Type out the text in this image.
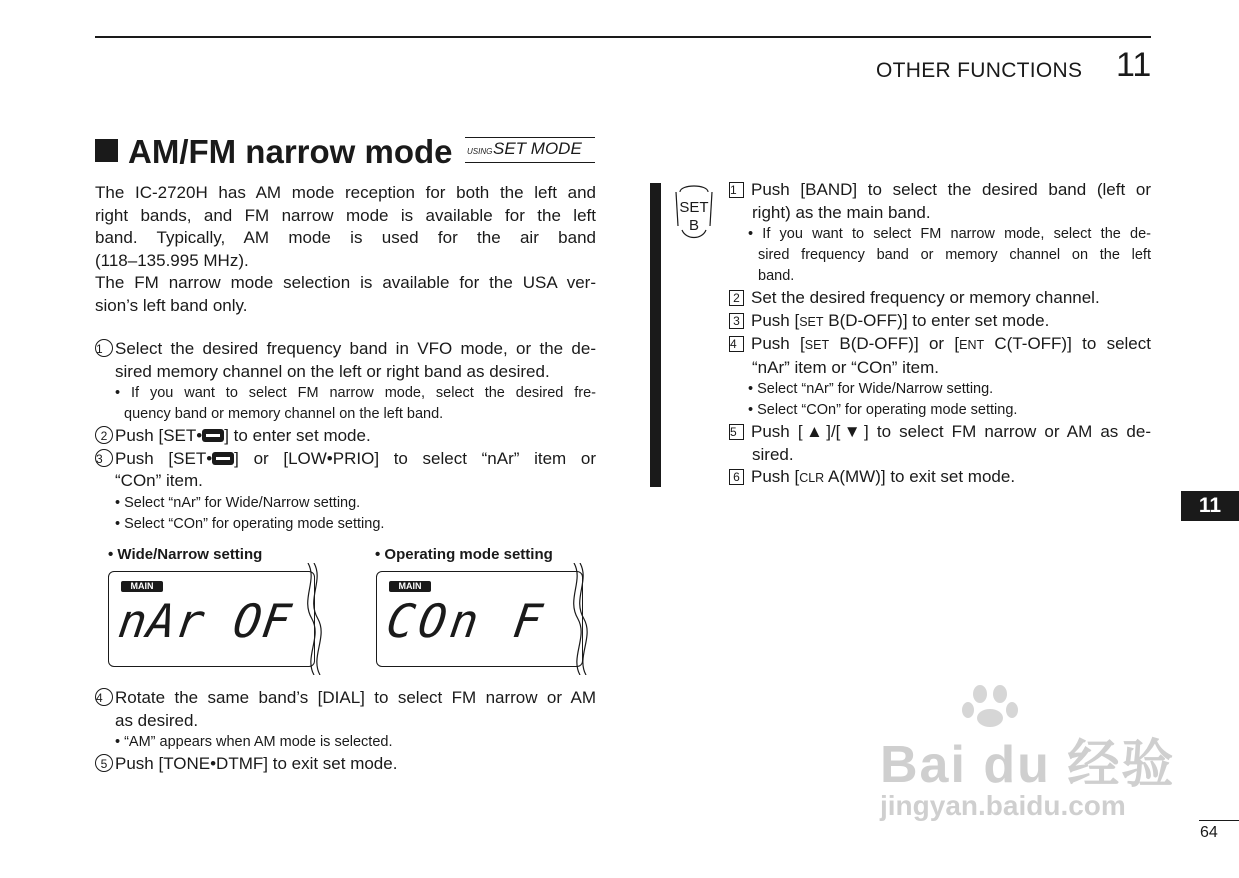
OTHER FUNCTIONS 11
AM/FM narrow mode USING SET MODE
The IC-2720H has AM mode reception for both the left and
right bands, and FM narrow mode is available for the left
band. Typically, AM mode is used for the air band
(118–135.995 MHz).
The FM narrow mode selection is available for the USA ver-
sion’s left band only.
1 Select the desired frequency band in VFO mode, or the de-
sired memory channel on the left or right band as desired.
• If you want to select FM narrow mode, select the desired fre-
quency band or memory channel on the left band.
2 Push [SET• ] to enter set mode.
3 Push [SET• ] or [LOW•PRIO] to select “nAr” item or
“COn” item.
• Select “nAr” for Wide/Narrow setting.
• Select “COn” for operating mode setting.
• Wide/Narrow setting	• Operating mode setting
MAIN
nAr OF
MAIN
COn F
4 Rotate the same band’s [DIAL] to select FM narrow or AM
as desired.
• “AM” appears when AM mode is selected.
5 Push [TONE•DTMF] to exit set mode.
SET
B
1 Push [BAND] to select the desired band (left or
right) as the main band.
• If you want to select FM narrow mode, select the de-
sired frequency band or memory channel on the left
band.
2 Set the desired frequency or memory channel.
3 Push [SET B(D-OFF)] to enter set mode.
4 Push [SET B(D-OFF)] or [ENT C(T-OFF)] to select
“nAr” item or “COn” item.
• Select “nAr” for Wide/Narrow setting.
• Select “COn” for operating mode setting.
5 Push [▲]/[▼] to select FM narrow or AM as de-
sired.
6 Push [CLR A(MW)] to exit set mode.
11
Bai du 经验
jingyan.baidu.com
64
